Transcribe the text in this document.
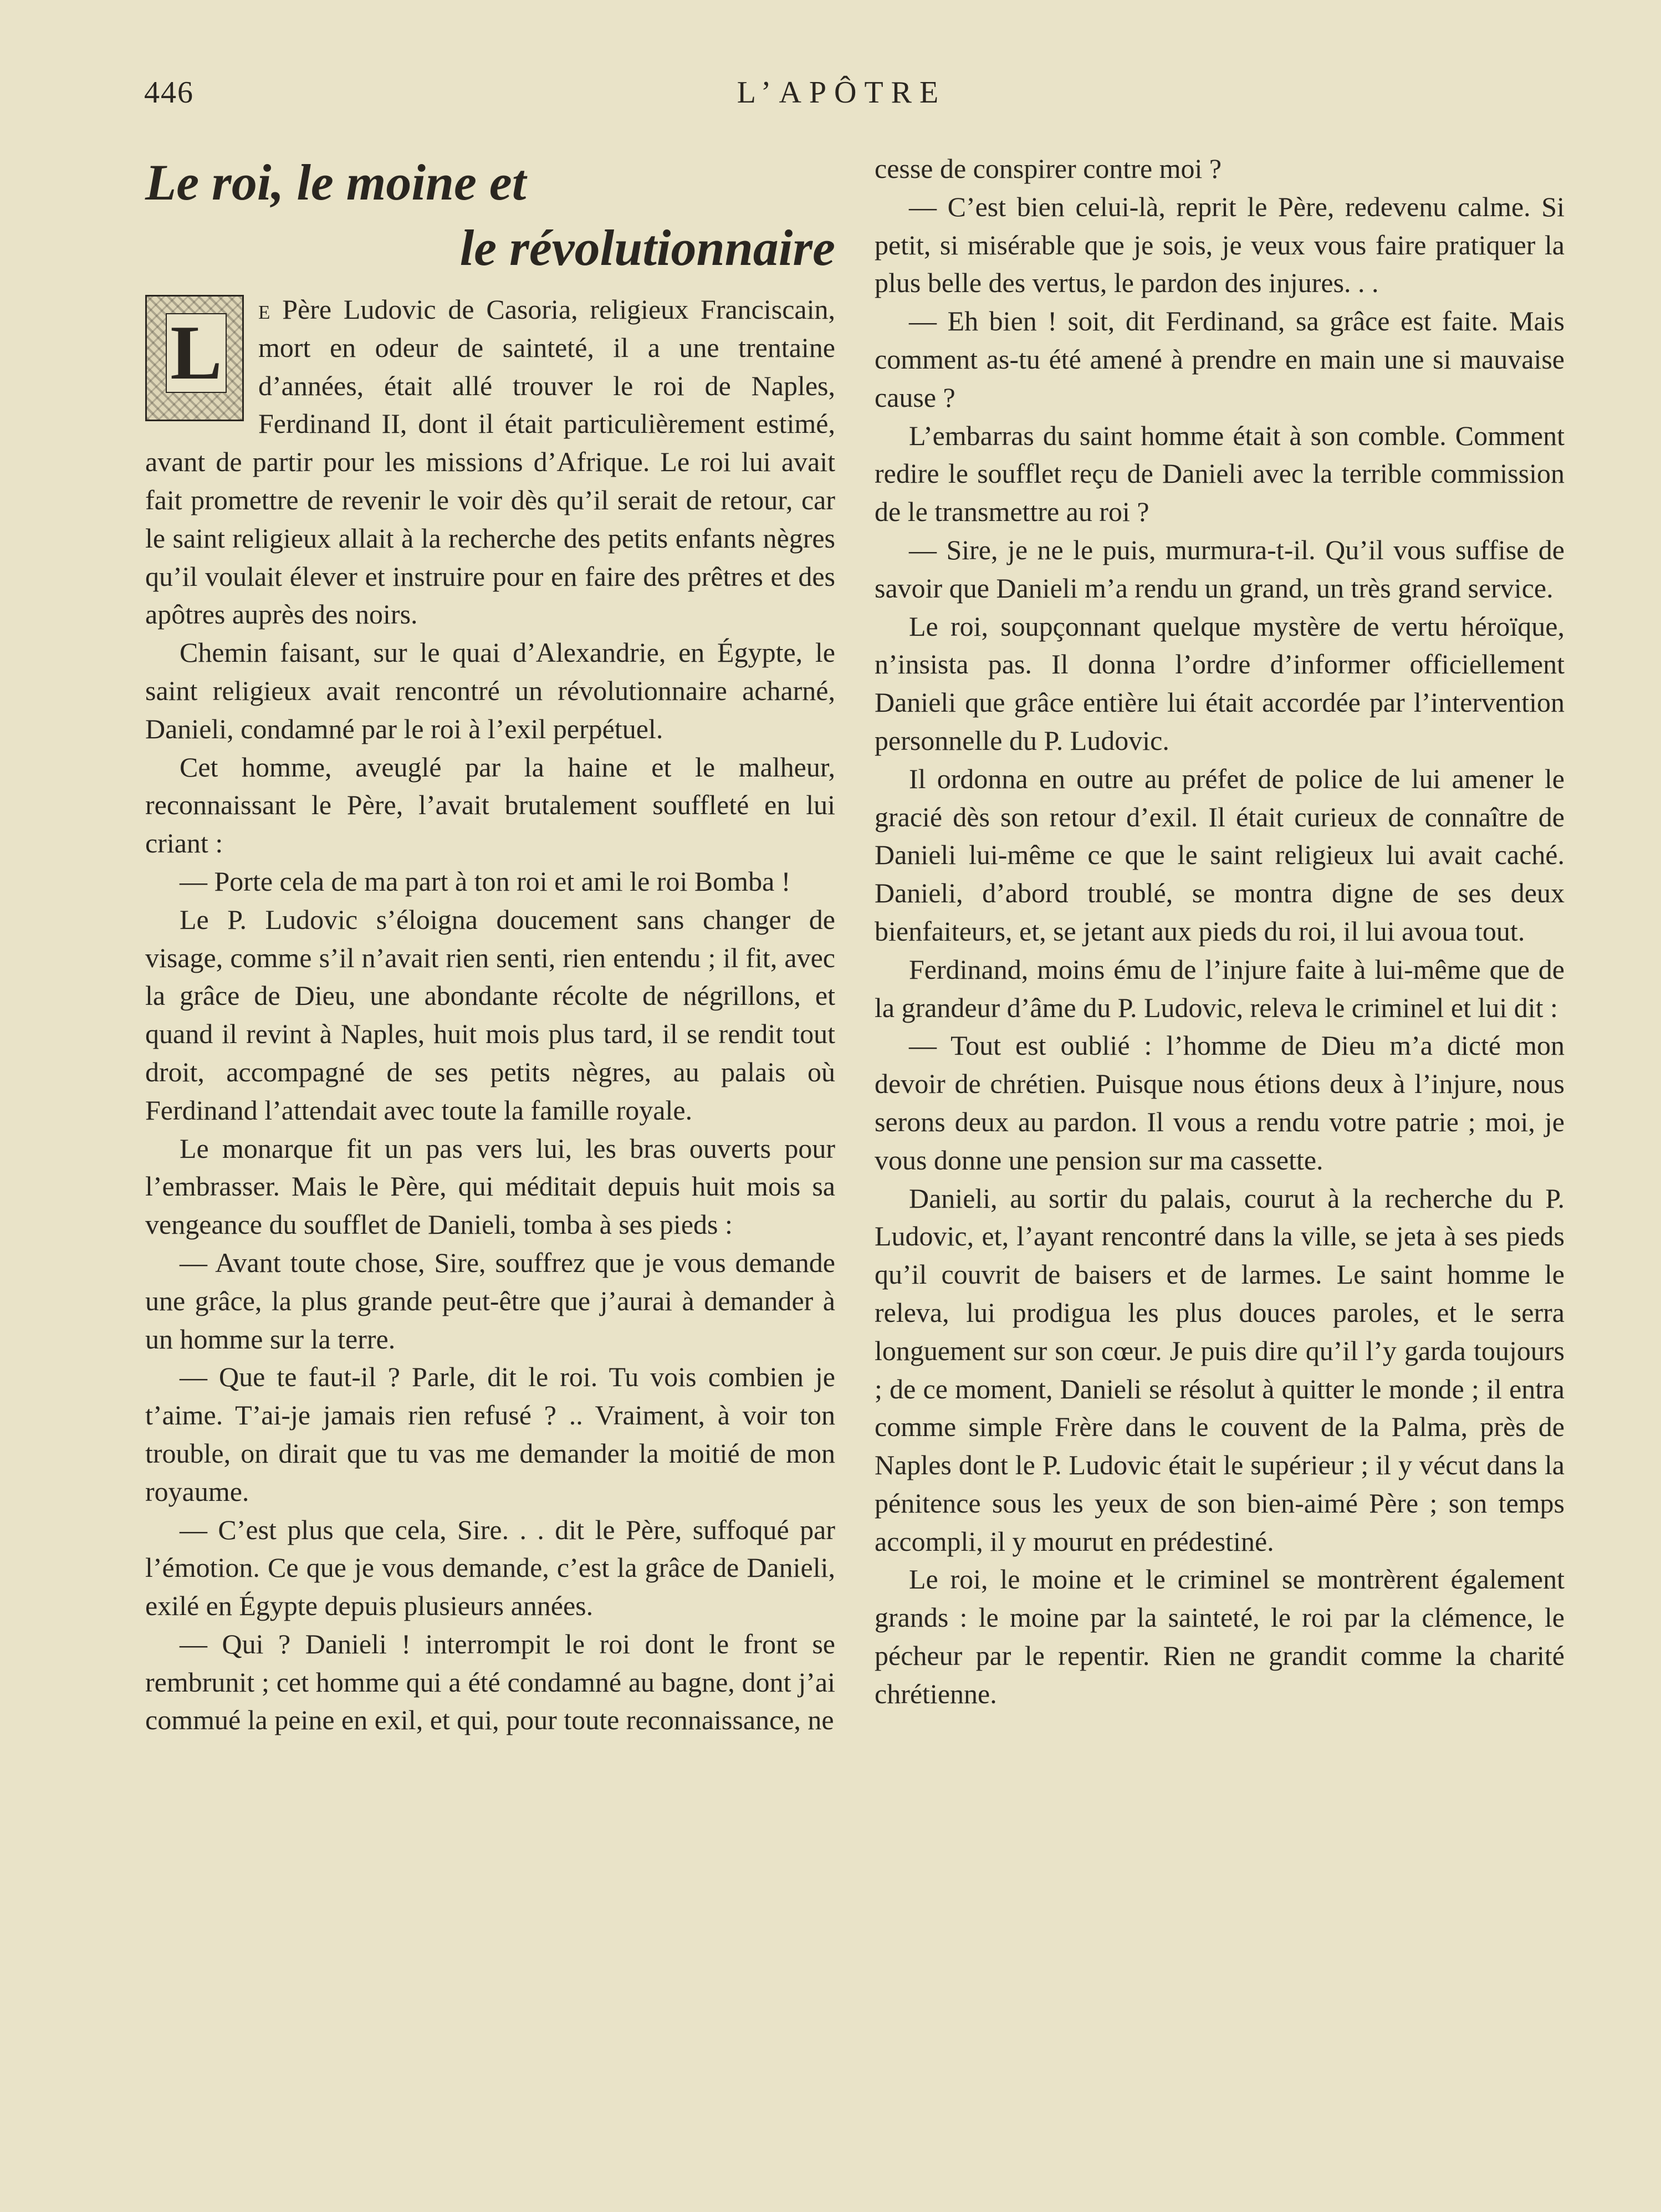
446	L’APÔTRE
Le roi, le moine et
le révolutionnaire

L
e Père Ludovic de Casoria, religieux Franciscain, mort en odeur de sainteté, il a une trentaine d’années, était allé trouver le roi de Naples, Ferdinand II, dont il était particulièrement estimé, avant de partir pour les missions d’Afrique. Le roi lui avait fait promettre de revenir le voir dès qu’il serait de retour, car le saint religieux allait à la recherche des petits enfants nègres qu’il voulait élever et instruire pour en faire des prêtres et des apôtres auprès des noirs.

Chemin faisant, sur le quai d’Alexandrie, en Égypte, le saint religieux avait rencontré un révolutionnaire acharné, Danieli, condamné par le roi à l’exil perpétuel.

Cet homme, aveuglé par la haine et le malheur, reconnaissant le Père, l’avait brutalement souffleté en lui criant :

— Porte cela de ma part à ton roi et ami le roi Bomba !

Le P. Ludovic s’éloigna doucement sans changer de visage, comme s’il n’avait rien senti, rien entendu ; il fit, avec la grâce de Dieu, une abondante récolte de négrillons, et quand il revint à Naples, huit mois plus tard, il se rendit tout droit, accompagné de ses petits nègres, au palais où Ferdinand l’attendait avec toute la famille royale.

Le monarque fit un pas vers lui, les bras ouverts pour l’embrasser. Mais le Père, qui méditait depuis huit mois sa vengeance du soufflet de Danieli, tomba à ses pieds :

— Avant toute chose, Sire, souffrez que je vous demande une grâce, la plus grande peut-être que j’aurai à demander à un homme sur la terre.

— Que te faut-il ? Parle, dit le roi. Tu vois combien je t’aime. T’ai-je jamais rien refusé ? .. Vraiment, à voir ton trouble, on dirait que tu vas me demander la moitié de mon royaume.

— C’est plus que cela, Sire. . . dit le Père, suffoqué par l’émotion. Ce que je vous demande, c’est la grâce de Danieli, exilé en Égypte depuis plusieurs années.

— Qui ? Danieli ! interrompit le roi dont le front se rembrunit ; cet homme qui a été condamné au bagne, dont j’ai commué la peine en exil, et qui, pour toute reconnaissance, ne

cesse de conspirer contre moi ?

— C’est bien celui-là, reprit le Père, redevenu calme. Si petit, si misérable que je sois, je veux vous faire pratiquer la plus belle des vertus, le pardon des injures. . .

— Eh bien ! soit, dit Ferdinand, sa grâce est faite. Mais comment as-tu été amené à prendre en main une si mauvaise cause ?

L’embarras du saint homme était à son comble. Comment redire le soufflet reçu de Danieli avec la terrible commission de le transmettre au roi ?

— Sire, je ne le puis, murmura-t-il. Qu’il vous suffise de savoir que Danieli m’a rendu un grand, un très grand service.

Le roi, soupçonnant quelque mystère de vertu héroïque, n’insista pas. Il donna l’ordre d’informer officiellement Danieli que grâce entière lui était accordée par l’intervention personnelle du P. Ludovic.

Il ordonna en outre au préfet de police de lui amener le gracié dès son retour d’exil. Il était curieux de connaître de Danieli lui-même ce que le saint religieux lui avait caché. Danieli, d’abord troublé, se montra digne de ses deux bienfaiteurs, et, se jetant aux pieds du roi, il lui avoua tout.

Ferdinand, moins ému de l’injure faite à lui-même que de la grandeur d’âme du P. Ludovic, releva le criminel et lui dit :

— Tout est oublié : l’homme de Dieu m’a dicté mon devoir de chrétien. Puisque nous étions deux à l’injure, nous serons deux au pardon. Il vous a rendu votre patrie ; moi, je vous donne une pension sur ma cassette.

Danieli, au sortir du palais, courut à la recherche du P. Ludovic, et, l’ayant rencontré dans la ville, se jeta à ses pieds qu’il couvrit de baisers et de larmes. Le saint homme le releva, lui prodigua les plus douces paroles, et le serra longuement sur son cœur. Je puis dire qu’il l’y garda toujours ; de ce moment, Danieli se résolut à quitter le monde ; il entra comme simple Frère dans le couvent de la Palma, près de Naples dont le P. Ludovic était le supérieur ; il y vécut dans la pénitence sous les yeux de son bien-aimé Père ; son temps accompli, il y mourut en prédestiné.

Le roi, le moine et le criminel se montrèrent également grands : le moine par la sainteté, le roi par la clémence, le pécheur par le repentir. Rien ne grandit comme la charité chrétienne.
